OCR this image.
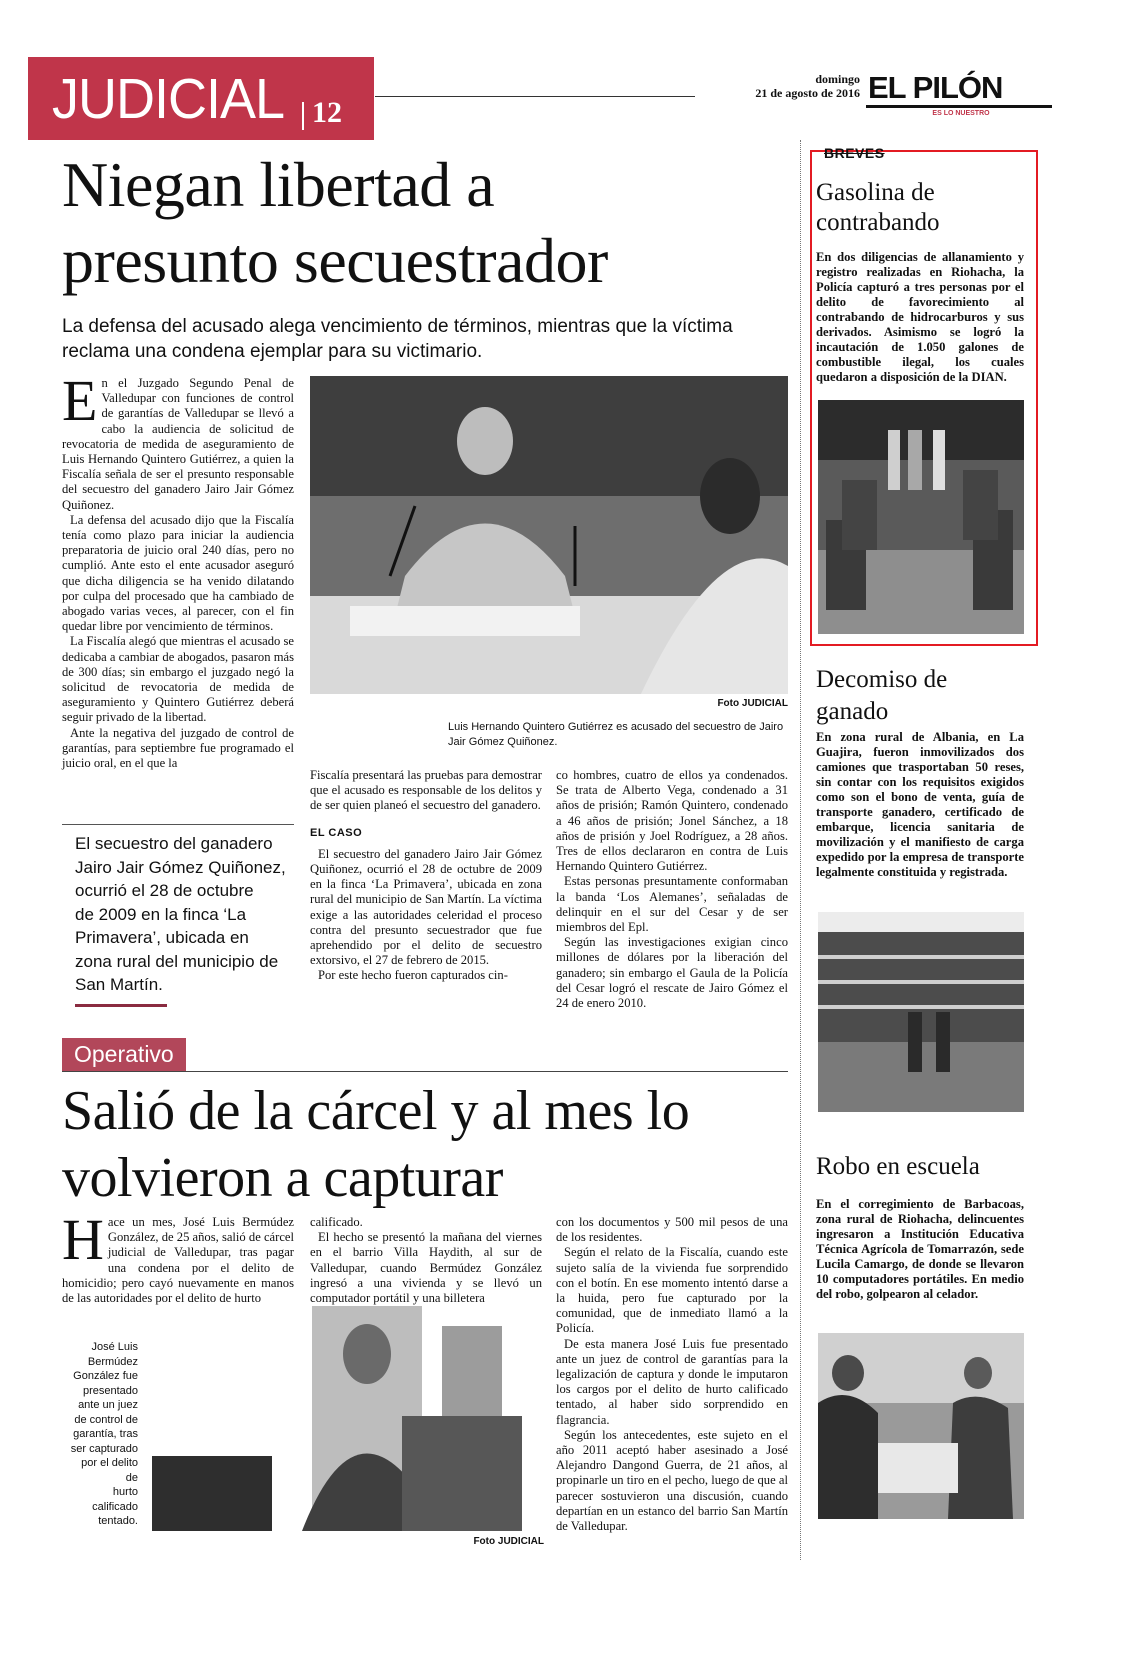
JUDICIAL 12
domingo
21 de agosto de 2016 EL PILÓN
ES LO NUESTRO
Niegan libertad a
presunto secuestrador
La defensa del acusado alega vencimiento de términos, mientras que la víctima
reclama una condena ejemplar para su victimario.
E n el Juzgado Segundo Penal de Valledupar con funciones de control de garantías de Valledupar se llevó a cabo la audiencia de solicitud de revocatoria de medida de aseguramiento de Luis Hernando Quintero Gutiérrez, a quien la Fiscalía señala de ser el presunto responsable del secuestro del ganadero Jairo Jair Gómez Quiñonez.

La defensa del acusado dijo que la Fiscalía tenía como plazo para iniciar la audiencia preparatoria de juicio oral 240 días, pero no cumplió. Ante esto el ente acusador aseguró que dicha diligencia se ha venido dilatando por culpa del procesado que ha cambiado de abogado varias veces, al parecer, con el fin quedar libre por vencimiento de términos.

La Fiscalía alegó que mientras el acusado se dedicaba a cambiar de abogados, pasaron más de 300 días; sin embargo el juzgado negó la solicitud de revocatoria de medida de aseguramiento y Quintero Gutiérrez deberá seguir privado de la libertad.

Ante la negativa del juzgado de control de garantías, para septiembre fue programado el juicio oral, en el que la

Foto JUDICIAL
Luis Hernando Quintero Gutiérrez es acusado del secuestro de Jairo
Jair Gómez Quiñonez.
El secuestro del ganadero
Jairo Jair Gómez Quiñonez,
ocurrió el 28 de octubre
de 2009 en la finca ‘La
Primavera’, ubicada en
zona rural del municipio de
San Martín.

Fiscalía presentará las pruebas para demostrar que el acusado es responsable de los delitos y de ser quien planeó el secuestro del ganadero.

EL CASO

El secuestro del ganadero Jairo Jair Gómez Quiñonez, ocurrió el 28 de octubre de 2009 en la finca ‘La Primavera’, ubicada en zona rural del municipio de San Martín. La víctima exige a las autoridades celeridad el proceso contra del presunto secuestrador que fue aprehendido por el delito de secuestro extorsivo, el 27 de febrero de 2015.

Por este hecho fueron capturados cin-

co hombres, cuatro de ellos ya condenados. Se trata de Alberto Vega, condenado a 31 años de prisión; Ramón Quintero, condenado a 46 años de prisión; Jonel Sánchez, a 18 años de prisión y Joel Rodríguez, a 28 años. Tres de ellos declararon en contra de Luis Hernando Quintero Gutiérrez.

Estas personas presuntamente conformaban la banda ‘Los Alemanes’, señaladas de delinquir en el sur del Cesar y de ser miembros del Epl.

Según las investigaciones exigian cinco millones de dólares por la liberación del ganadero; sin embargo el Gaula de la Policía del Cesar logró el rescate de Jairo Gómez el 24 de enero 2010.

Operativo
Salió de la cárcel y al mes lo
volvieron a capturar
H ace un mes, José Luis Bermúdez González, de 25 años, salió de cárcel judicial de Valledupar, tras pagar una condena por el delito de homicidio; pero cayó nuevamente en manos de las autoridades por el delito de hurto

calificado.

El hecho se presentó la mañana del viernes en el barrio Villa Haydith, al sur de Valledupar, cuando Bermúdez González ingresó a una vivienda y se llevó un computador portátil y una billetera

con los documentos y 500 mil pesos de una de los residentes.

Según el relato de la Fiscalía, cuando este sujeto salía de la vivienda fue sorprendido con el botín. En ese momento intentó darse a la huida, pero fue capturado por la comunidad, que de inmediato llamó a la Policía.

De esta manera José Luis fue presentado ante un juez de control de garantías para la legalización de captura y donde le imputaron los cargos por el delito de hurto calificado tentado, al haber sido sorprendido en flagrancia.

Según los antecedentes, este sujeto en el año 2011 aceptó haber asesinado a José Alejandro Dangond Guerra, de 21 años, al propinarle un tiro en el pecho, luego de que al parecer sostuvieron una discusión, cuando departían en un estanco del barrio San Martín de Valledupar.

José Luis
Bermúdez
González fue
presentado
ante un juez
de control de
garantía, tras
ser capturado
por el delito de
hurto calificado
tentado.
Foto JUDICIAL
BREVES
Gasolina de
contrabando
En dos diligencias de allanamiento y registro realizadas en Riohacha, la Policía capturó a tres personas por el delito de favorecimiento al contrabando de hidrocarburos y sus derivados. Asimismo se logró la incautación de 1.050 galones de combustible ilegal, los cuales quedaron a disposición de la DIAN.
Decomiso de
ganado
En zona rural de Albania, en La Guajira, fueron inmovilizados dos camiones que trasportaban 50 reses, sin contar con los requisitos exigidos como son el bono de venta, guía de transporte ganadero, certificado de embarque, licencia sanitaria de movilización y el manifiesto de carga expedido por la empresa de transporte legalmente constituida y registrada.
Robo en escuela
En el corregimiento de Barbacoas, zona rural de Riohacha, delincuentes ingresaron a Institución Educativa Técnica Agrícola de Tomarrazón, sede Lucila Camargo, de donde se llevaron 10 computadores portátiles. En medio del robo, golpearon al celador.
